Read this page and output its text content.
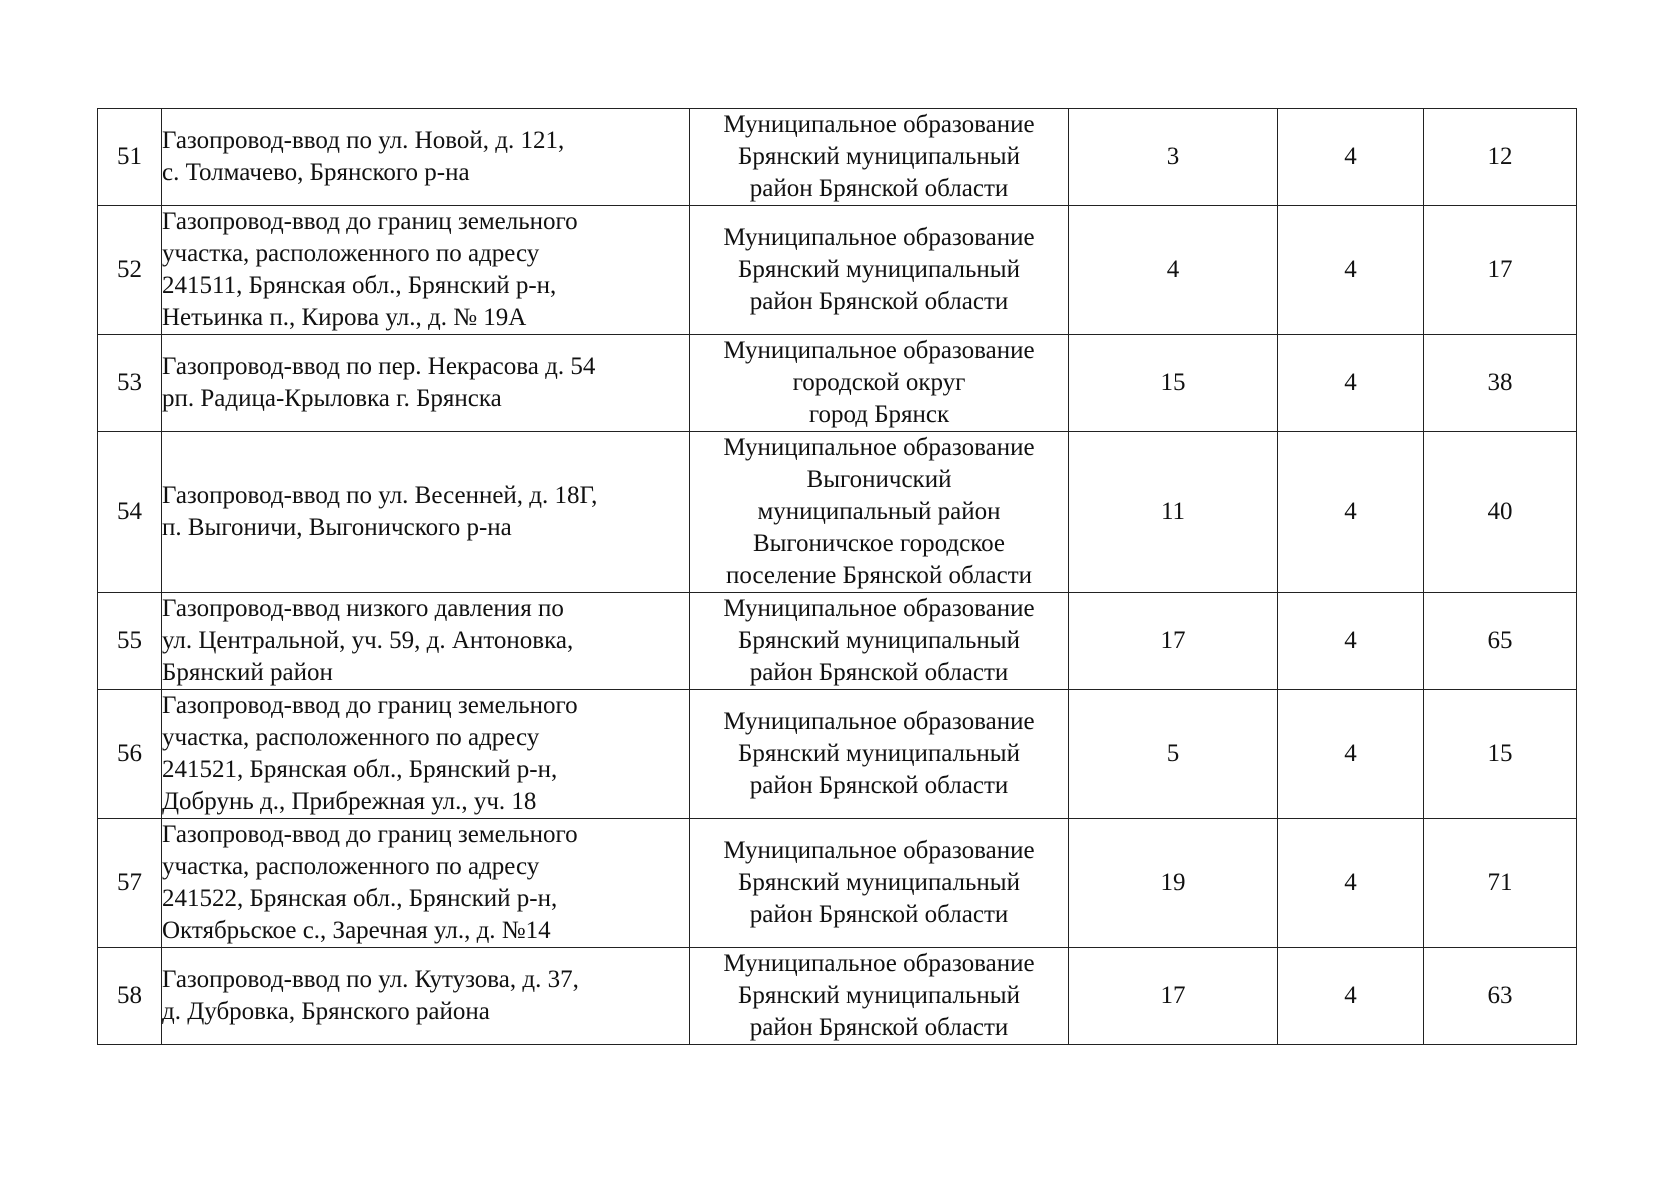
51	Газопровод-ввод по ул. Новой, д. 121,
с. Толмачево, Брянского р-на	Муниципальное образование
Брянский муниципальный
район Брянской области	3	4	12
52	Газопровод-ввод до границ земельного
участка, расположенного по адресу
241511, Брянская обл., Брянский р-н,
Нетьинка п., Кирова ул., д. № 19А	Муниципальное образование
Брянский муниципальный
район Брянской области	4	4	17
53	Газопровод-ввод по пер. Некрасова д. 54
рп. Радица-Крыловка г. Брянска	Муниципальное образование
городской округ
город Брянск	15	4	38
54	Газопровод-ввод по ул. Весенней, д. 18Г,
п. Выгоничи, Выгоничского р-на	Муниципальное образование
Выгоничский
муниципальный район
Выгоничское городское
поселение Брянской области	11	4	40
55	Газопровод-ввод низкого давления по
ул. Центральной, уч. 59, д. Антоновка,
Брянский район	Муниципальное образование
Брянский муниципальный
район Брянской области	17	4	65
56	Газопровод-ввод до границ земельного
участка, расположенного по адресу
241521, Брянская обл., Брянский р-н,
Добрунь д., Прибрежная ул., уч. 18	Муниципальное образование
Брянский муниципальный
район Брянской области	5	4	15
57	Газопровод-ввод до границ земельного
участка, расположенного по адресу
241522, Брянская обл., Брянский р-н,
Октябрьское с., Заречная ул., д. №14	Муниципальное образование
Брянский муниципальный
район Брянской области	19	4	71
58	Газопровод-ввод по ул. Кутузова, д. 37,
д. Дубровка, Брянского района	Муниципальное образование
Брянский муниципальный
район Брянской области	17	4	63
